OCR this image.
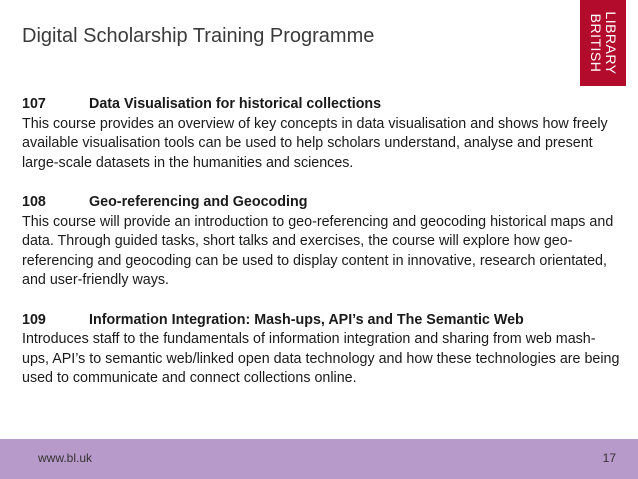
Digital Scholarship Training Programme	LIBRARY
BRITISH
107	Data Visualisation for historical collections

This course provides an overview of key concepts in data visualisation and shows how freely available visualisation tools can be used to help scholars understand, analyse and present large-scale datasets in the humanities and sciences.

108	Geo-referencing and Geocoding

This course will provide an introduction to geo-referencing and geocoding historical maps and data. Through guided tasks, short talks and exercises, the course will explore how geo-referencing and geocoding can be used to display content in innovative, research orientated, and user-friendly ways.

109	Information Integration: Mash-ups, API’s and The Semantic Web

Introduces staff to the fundamentals of information integration and sharing from web mash-ups, API’s to semantic web/linked open data technology and how these technologies are being used to communicate and connect collections online.

www.bl.uk	17
